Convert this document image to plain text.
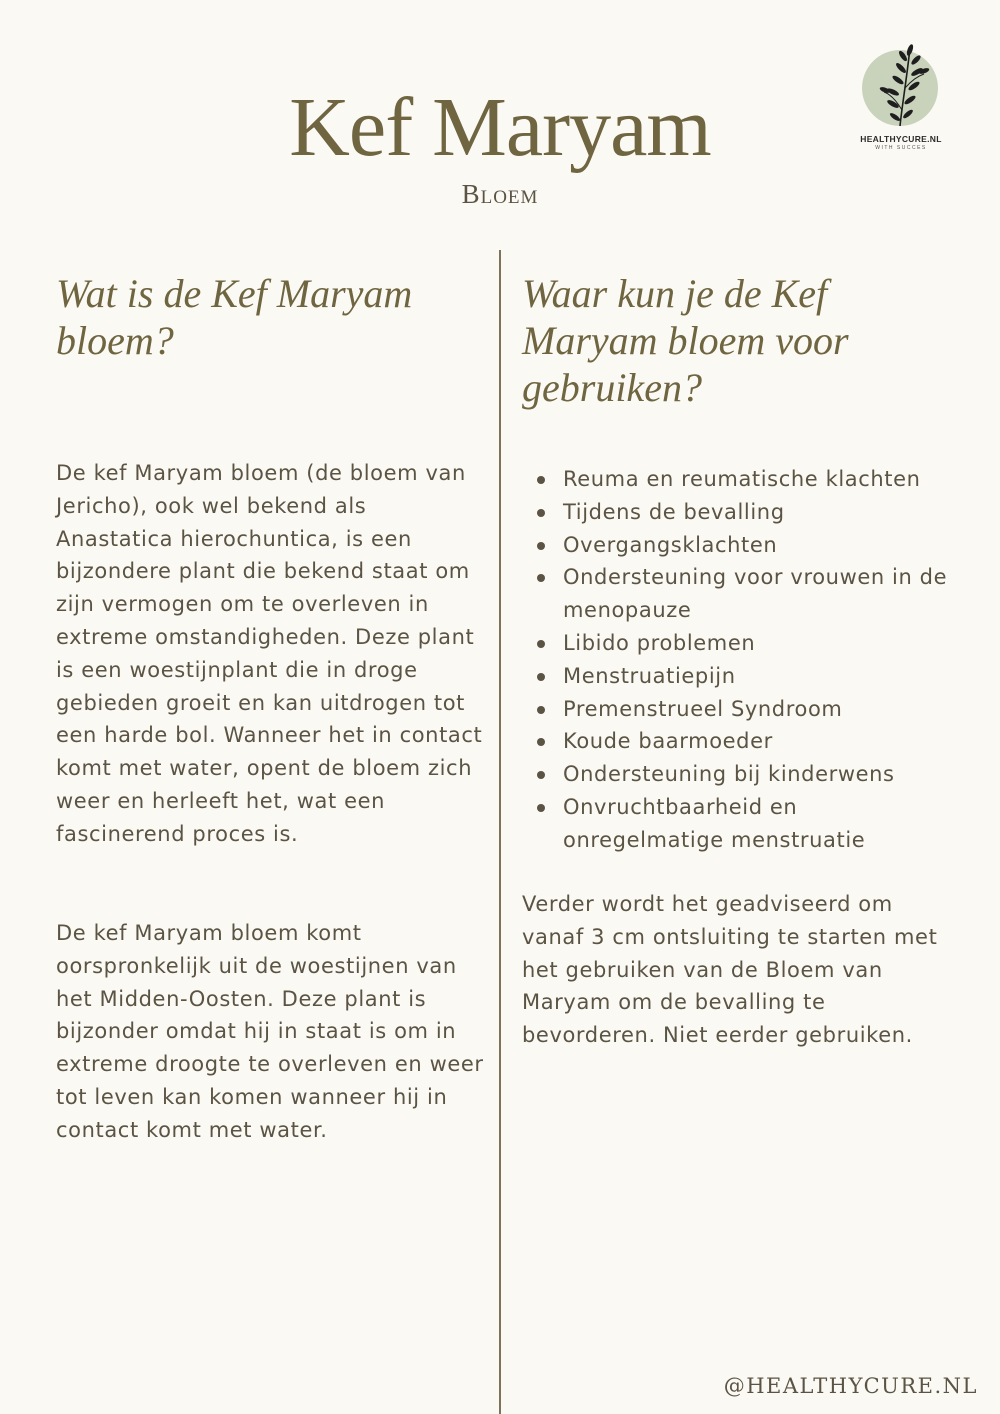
Kef Maryam
Bloem
HEALTHYCURE.NL
WITH SUCCES
Wat is de Kef Maryam bloem?

De kef Maryam bloem (de bloem van Jericho), ook wel bekend als Anastatica hierochuntica, is een bijzondere plant die bekend staat om zijn vermogen om te overleven in extreme omstandigheden. Deze plant is een woestijnplant die in droge gebieden groeit en kan uitdrogen tot een harde bol. Wanneer het in contact komt met water, opent de bloem zich weer en herleeft het, wat een fascinerend proces is.

De kef Maryam bloem komt oorspronkelijk uit de woestijnen van het Midden-Oosten. Deze plant is bijzonder omdat hij in staat is om in extreme droogte te overleven en weer tot leven kan komen wanneer hij in contact komt met water.

Waar kun je de Kef Maryam bloem voor gebruiken?
Reuma en reumatische klachten
Tijdens de bevalling
Overgangsklachten
Ondersteuning voor vrouwen in de menopauze
Libido problemen
Menstruatiepijn
Premenstrueel Syndroom
Koude baarmoeder
Ondersteuning bij kinderwens
Onvruchtbaarheid en onregelmatige menstruatie

Verder wordt het geadviseerd om vanaf 3 cm ontsluiting te starten met het gebruiken van de Bloem van Maryam om de bevalling te bevorderen. Niet eerder gebruiken.

@HEALTHYCURE.NL
